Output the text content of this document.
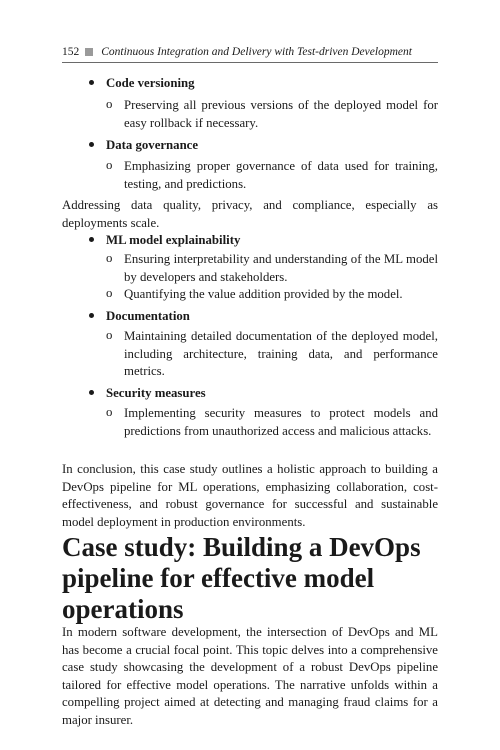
152 Continuous Integration and Delivery with Test-driven Development
Code versioning
o Preserving all previous versions of the deployed model for easy rollback if necessary.
Data governance
o Emphasizing proper governance of data used for training, testing, and predictions.
Addressing data quality, privacy, and compliance, especially as deployments scale.
ML model explainability
o Ensuring interpretability and understanding of the ML model by developers and stakeholders.
o Quantifying the value addition provided by the model.
Documentation
o Maintaining detailed documentation of the deployed model, including architecture, training data, and performance metrics.
Security measures
o Implementing security measures to protect models and predictions from unauthorized access and malicious attacks.
In conclusion, this case study outlines a holistic approach to building a DevOps pipeline for ML operations, emphasizing collaboration, cost-effectiveness, and robust governance for successful and sustainable model deployment in production environments.
Case study: Building a DevOps pipeline for effective model operations
In modern software development, the intersection of DevOps and ML has become a crucial focal point. This topic delves into a comprehensive case study showcasing the development of a robust DevOps pipeline tailored for effective model operations. The narrative unfolds within a compelling project aimed at detecting and managing fraud claims for a major insurer.
